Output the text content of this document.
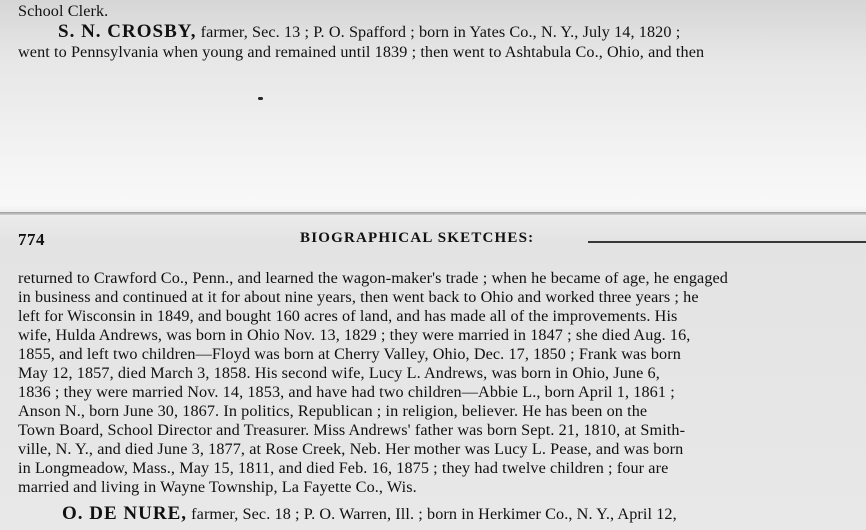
School Clerk.
S. N. CROSBY, farmer, Sec. 13 ; P. O. Spafford ; born in Yates Co., N. Y., July 14, 1820 ;
went to Pennsylvania when young and remained until 1839 ; then went to Ashtabula Co., Ohio, and then
774	BIOGRAPHICAL SKETCHES:
returned to Crawford Co., Penn., and learned the wagon-maker's trade ; when he became of age, he engaged
in business and continued at it for about nine years, then went back to Ohio and worked three years ; he
left for Wisconsin in 1849, and bought 160 acres of land, and has made all of the improvements. His
wife, Hulda Andrews, was born in Ohio Nov. 13, 1829 ; they were married in 1847 ; she died Aug. 16,
1855, and left two children—Floyd was born at Cherry Valley, Ohio, Dec. 17, 1850 ; Frank was born
May 12, 1857, died March 3, 1858. His second wife, Lucy L. Andrews, was born in Ohio, June 6,
1836 ; they were married Nov. 14, 1853, and have had two children—Abbie L., born April 1, 1861 ;
Anson N., born June 30, 1867. In politics, Republican ; in religion, believer. He has been on the
Town Board, School Director and Treasurer. Miss Andrews' father was born Sept. 21, 1810, at Smith-
ville, N. Y., and died June 3, 1877, at Rose Creek, Neb. Her mother was Lucy L. Pease, and was born
in Longmeadow, Mass., May 15, 1811, and died Feb. 16, 1875 ; they had twelve children ; four are
married and living in Wayne Township, La Fayette Co., Wis.
O. DE NURE, farmer, Sec. 18 ; P. O. Warren, Ill. ; born in Herkimer Co., N. Y., April 12,
